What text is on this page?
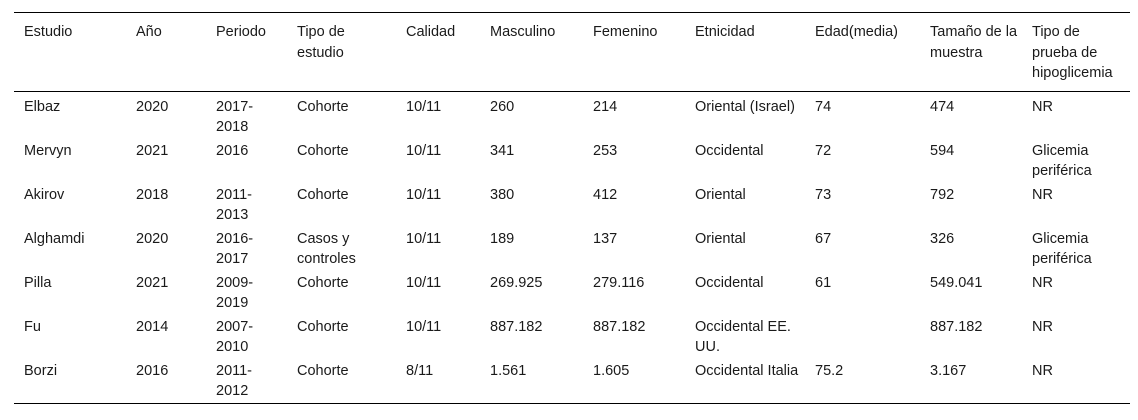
Estudio	Año	Periodo	Tipo de estudio	Calidad	Masculino	Femenino	Etnicidad	Edad(media)	Tamaño de la muestra	Tipo de prueba de hipoglicemia
Elbaz	2020	2017-2018	Cohorte	10/11	260	214	Oriental (Israel)	74	474	NR
Mervyn	2021	2016	Cohorte	10/11	341	253	Occidental	72	594	Glicemia periférica
Akirov	2018	2011-2013	Cohorte	10/11	380	412	Oriental	73	792	NR
Alghamdi	2020	2016-2017	Casos y controles	10/11	189	137	Oriental	67	326	Glicemia periférica
Pilla	2021	2009-2019	Cohorte	10/11	269.925	279.116	Occidental	61	549.041	NR
Fu	2014	2007-2010	Cohorte	10/11	887.182	887.182	Occidental EE. UU.		887.182	NR
Borzi	2016	2011-2012	Cohorte	8/11	1.561	1.605	Occidental Italia	75.2	3.167	NR
